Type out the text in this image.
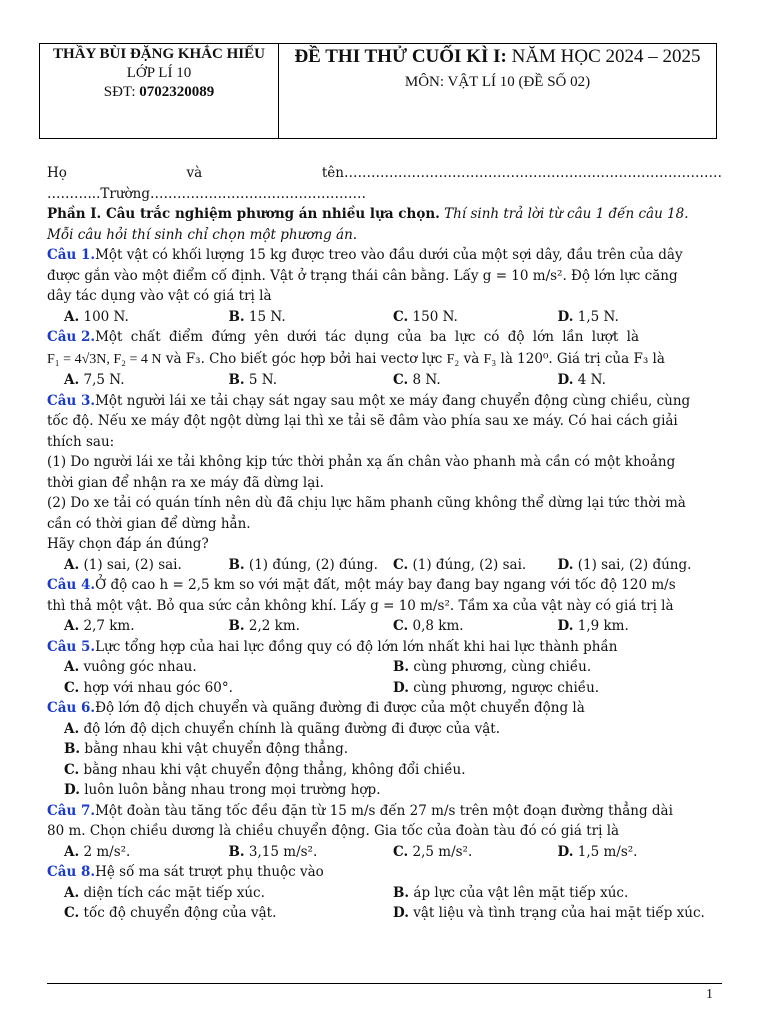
THẦY BÙI ĐẶNG KHẮC HIẾU
LỚP LÍ 10
SĐT: 0702320089
ĐỀ THI THỬ CUỐI KÌ I: NĂM HỌC 2024 – 2025
MÔN: VẬT LÍ 10 (ĐỀ SỐ 02)
Họ	và	tên…………………………………………………………………………
………...Trường…………………………………………
Phần I. Câu trắc nghiệm phương án nhiều lựa chọn. Thí sinh trả lời từ câu 1 đến câu 18.
Mỗi câu hỏi thí sinh chỉ chọn một phương án.
Câu 1.Một vật có khối lượng 15 kg được treo vào đầu dưới của một sợi dây, đầu trên của dây
được gắn vào một điểm cố định. Vật ở trạng thái cân bằng. Lấy g = 10 m/s². Độ lớn lực căng
dây tác dụng vào vật có giá trị là
A. 100 N.	B. 15 N.	C. 150 N.	D. 1,5 N.
Câu 2.Một chất điểm đứng yên dưới tác dụng của ba lực có độ lớn lần lượt là
F₁ = 4√3N, F₂ = 4 N và F₃. Cho biết góc hợp bởi hai vectơ lực F₂ và F₃ là 120⁰. Giá trị của F₃ là
A. 7,5 N.	B. 5 N.	C. 8 N.	D. 4 N.
Câu 3.Một người lái xe tải chạy sát ngay sau một xe máy đang chuyển động cùng chiều, cùng
tốc độ. Nếu xe máy đột ngột dừng lại thì xe tải sẽ đâm vào phía sau xe máy. Có hai cách giải
thích sau:
(1) Do người lái xe tải không kịp tức thời phản xạ ấn chân vào phanh mà cần có một khoảng
thời gian để nhận ra xe máy đã dừng lại.
(2) Do xe tải có quán tính nên dù đã chịu lực hãm phanh cũng không thể dừng lại tức thời mà
cần có thời gian để dừng hẳn.
Hãy chọn đáp án đúng?
A. (1) sai, (2) sai.	B. (1) đúng, (2) đúng.	C. (1) đúng, (2) sai.	D. (1) sai, (2) đúng.
Câu 4.Ở độ cao h = 2,5 km so với mặt đất, một máy bay đang bay ngang với tốc độ 120 m/s
thì thả một vật. Bỏ qua sức cản không khí. Lấy g = 10 m/s². Tầm xa của vật này có giá trị là
A. 2,7 km.	B. 2,2 km.	C. 0,8 km.	D. 1,9 km.
Câu 5.Lực tổng hợp của hai lực đồng quy có độ lớn lớn nhất khi hai lực thành phần
A. vuông góc nhau.	B. cùng phương, cùng chiều.
C. hợp với nhau góc 60°.	D. cùng phương, ngược chiều.
Câu 6.Độ lớn độ dịch chuyển và quãng đường đi được của một chuyển động là
A. độ lớn độ dịch chuyển chính là quãng đường đi được của vật.
B. bằng nhau khi vật chuyển động thẳng.
C. bằng nhau khi vật chuyển động thẳng, không đổi chiều.
D. luôn luôn bằng nhau trong mọi trường hợp.
Câu 7.Một đoàn tàu tăng tốc đều đặn từ 15 m/s đến 27 m/s trên một đoạn đường thẳng dài
80 m. Chọn chiều dương là chiều chuyển động. Gia tốc của đoàn tàu đó có giá trị là
A. 2 m/s².	B. 3,15 m/s².	C. 2,5 m/s².	D. 1,5 m/s².
Câu 8.Hệ số ma sát trượt phụ thuộc vào
A. diện tích các mặt tiếp xúc.	B. áp lực của vật lên mặt tiếp xúc.
C. tốc độ chuyển động của vật.	D. vật liệu và tình trạng của hai mặt tiếp xúc.
1
